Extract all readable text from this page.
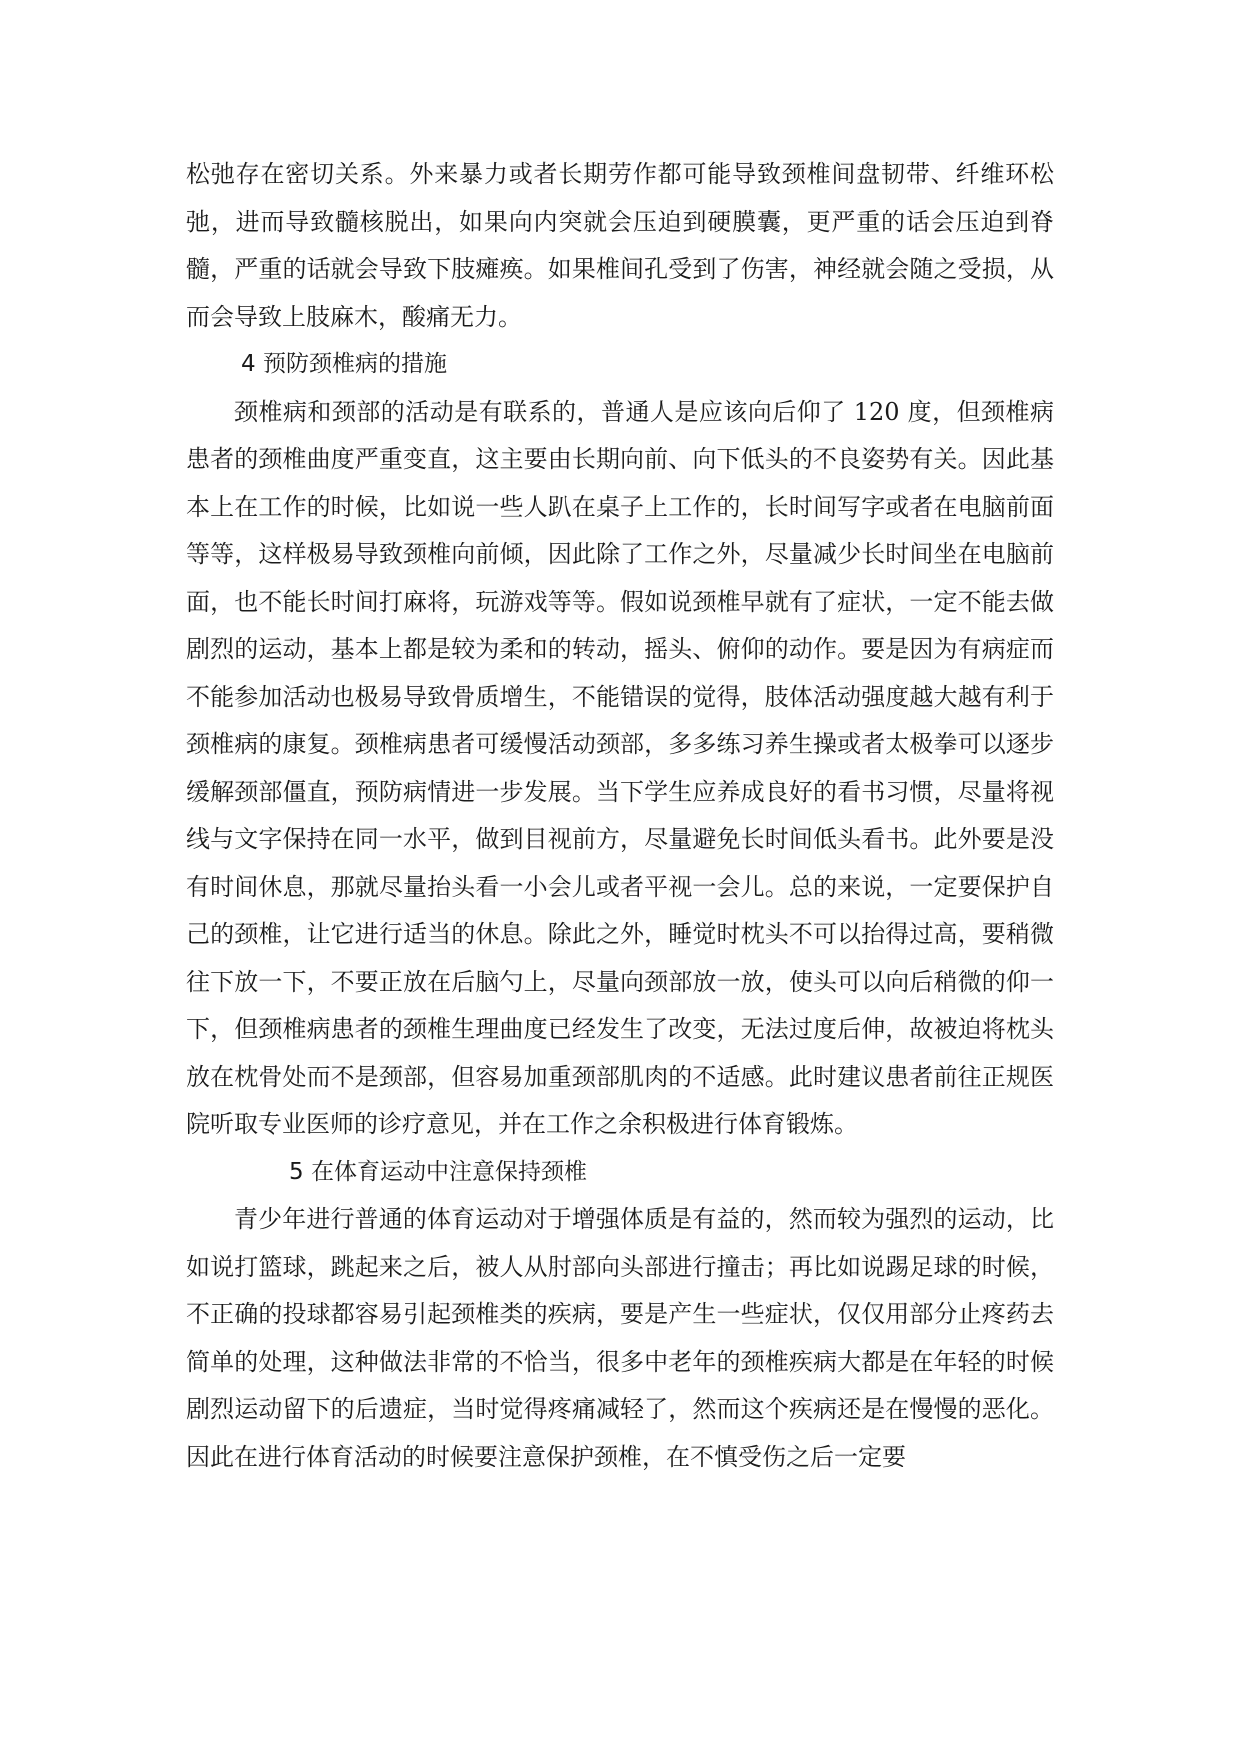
松弛存在密切关系。外来暴力或者长期劳作都可能导致颈椎间盘韧带、纤维环松弛，进而导致髓核脱出，如果向内突就会压迫到硬膜囊，更严重的话会压迫到脊髓，严重的话就会导致下肢瘫痪。如果椎间孔受到了伤害，神经就会随之受损，从而会导致上肢麻木，酸痛无力。

4 预防颈椎病的措施

颈椎病和颈部的活动是有联系的，普通人是应该向后仰了 120 度，但颈椎病患者的颈椎曲度严重变直，这主要由长期向前、向下低头的不良姿势有关。因此基本上在工作的时候，比如说一些人趴在桌子上工作的，长时间写字或者在电脑前面等等，这样极易导致颈椎向前倾，因此除了工作之外，尽量减少长时间坐在电脑前面，也不能长时间打麻将，玩游戏等等。假如说颈椎早就有了症状，一定不能去做剧烈的运动，基本上都是较为柔和的转动，摇头、俯仰的动作。要是因为有病症而不能参加活动也极易导致骨质增生，不能错误的觉得，肢体活动强度越大越有利于颈椎病的康复。颈椎病患者可缓慢活动颈部，多多练习养生操或者太极拳可以逐步缓解颈部僵直，预防病情进一步发展。当下学生应养成良好的看书习惯，尽量将视线与文字保持在同一水平，做到目视前方，尽量避免长时间低头看书。此外要是没有时间休息，那就尽量抬头看一小会儿或者平视一会儿。总的来说，一定要保护自己的颈椎，让它进行适当的休息。除此之外，睡觉时枕头不可以抬得过高，要稍微往下放一下，不要正放在后脑勺上，尽量向颈部放一放，使头可以向后稍微的仰一下，但颈椎病患者的颈椎生理曲度已经发生了改变，无法过度后伸，故被迫将枕头放在枕骨处而不是颈部，但容易加重颈部肌肉的不适感。此时建议患者前往正规医院听取专业医师的诊疗意见，并在工作之余积极进行体育锻炼。

5 在体育运动中注意保持颈椎

青少年进行普通的体育运动对于增强体质是有益的，然而较为强烈的运动，比如说打篮球，跳起来之后，被人从肘部向头部进行撞击；再比如说踢足球的时候，不正确的投球都容易引起颈椎类的疾病，要是产生一些症状，仅仅用部分止疼药去简单的处理，这种做法非常的不恰当，很多中老年的颈椎疾病大都是在年轻的时候剧烈运动留下的后遗症，当时觉得疼痛减轻了，然而这个疾病还是在慢慢的恶化。因此在进行体育活动的时候要注意保护颈椎，在不慎受伤之后一定要
